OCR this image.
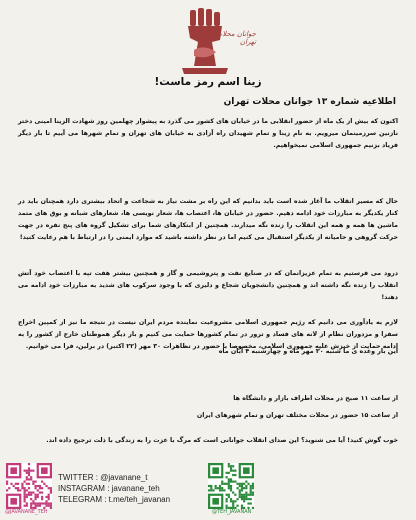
جوانان محلات تهران
زینا اسم رمز ماست!
اطلاعیه شماره ۱۳ جوانان محلات تهران
اکنون که بیش از یک ماه از حضور انقلابی ما در خیابان های کشور می گذرد به پیشواز چهلمین روز شهادت الزینا امینی دختر نازنین سرزمینمان میرویم. به نام زینا و تمام شهیدان راه آزادی به خیابان های تهران و تمام شهرها می آییم تا بار دیگر فریاد بزنیم جمهوری اسلامی نمیخواهیم.
حال که مسیر انقلاب ما آغاز شده است باید بدانیم که این راه بر مشت نیاز به شجاعت و اتحاد بیشتری دارد همچنان باید در کنار یکدیگر به مبارزات خود ادامه دهیم. حضور در خیابان ها، اعتصاب ها، شعار نویسی ها، شعارهای شبانه و بوق های متمد ماشین ها همه و همه این انقلاب را زنده نگه میدارند. همچنین از ابتکارهای شما برای تشکیل گروه های پنج نفره در جهت حرکت گروهی و حامیانه از یکدیگر استقبال می کنیم اما در نظر داشته باشید که موارد ایمنی را در ارتباط با هم رعایت کنید!
درود می فرستیم به تمام عزیزانمان که در صنایع نفت و پتروشیمی و گاز و همچنین بیشتر هفت تپه با اعتصاب خود آتش انقلاب را زنده نگه داشته اند و همچنین دانشجویان شجاع و دلیری که با وجود سرکوب های شدید به مبارزات خود ادامه می دهند!
لازم به یادآوری می دانیم که رژیم جمهوری اسلامی مشروعیت نماینده مردم ایران نیست در نتیجه ما نیز از کمپین اخراج سفرا و مزدوران نظام از لانه های فساد و ترور در تمام کشورها حمایت می کنیم و بار دیگر هموطنان خارج از کشور را به ادامه حمایت از خیزش علیه جمهوری اسلامی، مخصوصا با حضور در تظاهرات ۳۰ مهر (۲۲ اکتبر) در برلین، فرا می خوانیم.
این بار وعده ی ما شنبه ۳۰ مهر ماه و چهارشنبه ۴ آبان ماه
از ساعت ۱۱ صبح در محلات اطراف بازار و دانشگاه ها
از ساعت ۱۵ حضور در محلات مختلف تهران و تمام شهرهای ایران
خوب گوش کنید! آیا می شنوید؟ این صدای انقلاب جوانانی است که مرگ با عزت را به زندگی با ذلت ترجیح داده اند.
@JAVANANE_TEH
TWITTER : @javanane_t
INSTAGRAM : javanane_teh
TELEGRAM : t.me/teh_javanan
@TEH_JAVANAN
